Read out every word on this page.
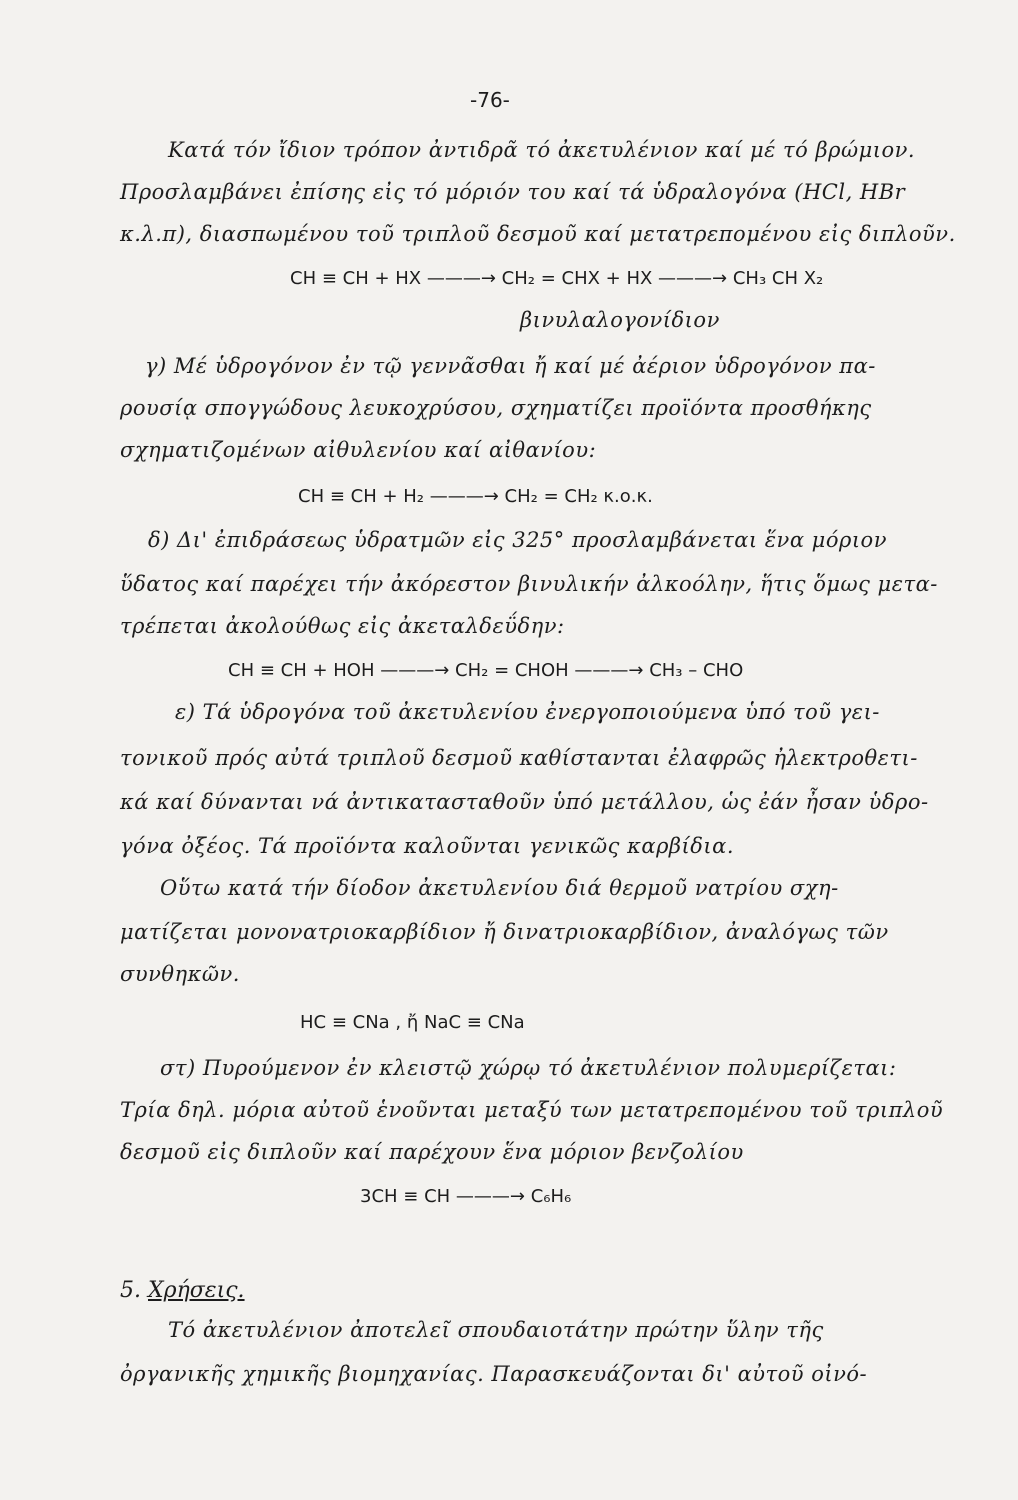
-76-
Κατά τόν ἴδιον τρόπον ἀντιδρᾶ τό ἀκετυλένιον καί μέ τό βρώμιον.
Προσλαμβάνει ἐπίσης εἰς τό μόριόν του καί τά ὑδραλογόνα (HCl, HBr
κ.λ.π), διασπωμένου τοῦ τριπλοῦ δεσμοῦ καί μετατρεπομένου εἰς διπλοῦν.
CH ≡ CH + HX ———→ CH₂ = CHX + HX ———→ CH₃ CH X₂
βινυλαλογονίδιον
γ) Μέ ὑδρογόνον ἐν τῷ γεννᾶσθαι ἤ καί μέ ἀέριον ὑδρογόνον πα-
ρουσίᾳ σπογγώδους λευκοχρύσου, σχηματίζει προϊόντα προσθήκης
σχηματιζομένων αἰθυλενίου καί αἰθανίου:
CH ≡ CH + H₂ ———→ CH₂ = CH₂ κ.ο.κ.
δ) Δι' ἐπιδράσεως ὑδρατμῶν εἰς 325° προσλαμβάνεται ἕνα μόριον
ὕδατος καί παρέχει τήν ἀκόρεστον βινυλικήν ἀλκοόλην, ἥτις ὅμως μετα-
τρέπεται ἀκολούθως εἰς ἀκεταλδεΰδην:
CH ≡ CH + HOH ———→ CH₂ = CHOH ———→ CH₃ – CHO
ε) Τά ὑδρογόνα τοῦ ἀκετυλενίου ἐνεργοποιούμενα ὑπό τοῦ γει-
τονικοῦ πρός αὐτά τριπλοῦ δεσμοῦ καθίστανται ἐλαφρῶς ἠλεκτροθετι-
κά καί δύνανται νά ἀντικατασταθοῦν ὑπό μετάλλου, ὡς ἐάν ἦσαν ὑδρο-
γόνα ὀξέος. Τά προϊόντα καλοῦνται γενικῶς καρβίδια.
Οὕτω κατά τήν δίοδον ἀκετυλενίου διά θερμοῦ νατρίου σχη-
ματίζεται μονονατριοκαρβίδιον ἤ δινατριοκαρβίδιον, ἀναλόγως τῶν
συνθηκῶν.
HC ≡ CNa , ἤ NaC ≡ CNa
στ) Πυρούμενον ἐν κλειστῷ χώρῳ τό ἀκετυλένιον πολυμερίζεται:
Τρία δηλ. μόρια αὐτοῦ ἑνοῦνται μεταξύ των μετατρεπομένου τοῦ τριπλοῦ
δεσμοῦ εἰς διπλοῦν καί παρέχουν ἕνα μόριον βενζολίου
3CH ≡ CH ———→ C₆H₆
5. Χρήσεις.
Τό ἀκετυλένιον ἀποτελεῖ σπουδαιοτάτην πρώτην ὕλην τῆς
ὀργανικῆς χημικῆς βιομηχανίας. Παρασκευάζονται δι' αὐτοῦ οἰνό-
